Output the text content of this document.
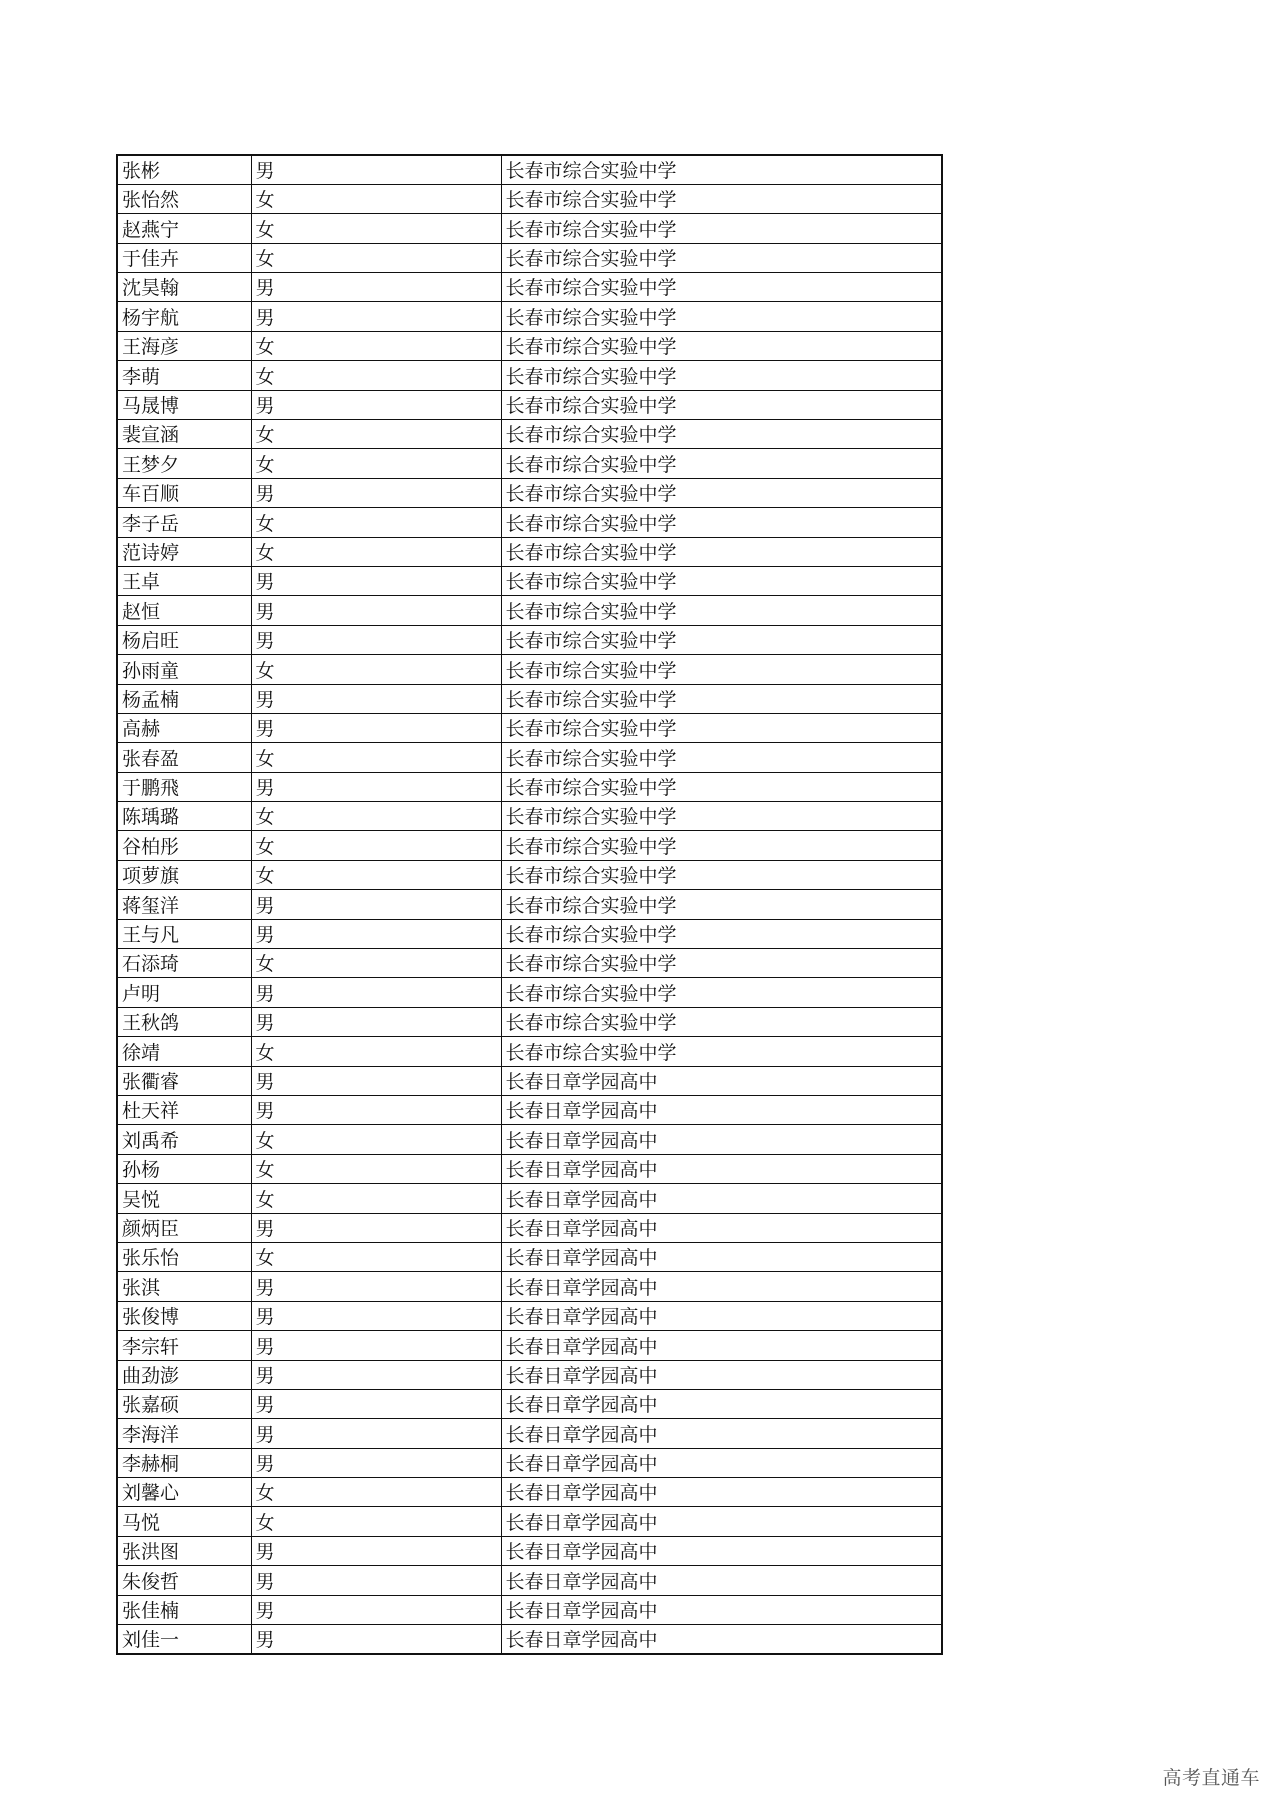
张彬	男	长春市综合实验中学
张怡然	女	长春市综合实验中学
赵燕宁	女	长春市综合实验中学
于佳卉	女	长春市综合实验中学
沈昊翰	男	长春市综合实验中学
杨宇航	男	长春市综合实验中学
王海彦	女	长春市综合实验中学
李萌	女	长春市综合实验中学
马晟博	男	长春市综合实验中学
裴宣涵	女	长春市综合实验中学
王梦夕	女	长春市综合实验中学
车百顺	男	长春市综合实验中学
李子岳	女	长春市综合实验中学
范诗婷	女	长春市综合实验中学
王卓	男	长春市综合实验中学
赵恒	男	长春市综合实验中学
杨启旺	男	长春市综合实验中学
孙雨童	女	长春市综合实验中学
杨孟楠	男	长春市综合实验中学
高赫	男	长春市综合实验中学
张春盈	女	长春市综合实验中学
于鹏飛	男	长春市综合实验中学
陈瑀璐	女	长春市综合实验中学
谷柏彤	女	长春市综合实验中学
项萝旗	女	长春市综合实验中学
蒋玺洋	男	长春市综合实验中学
王与凡	男	长春市综合实验中学
石添琦	女	长春市综合实验中学
卢明	男	长春市综合实验中学
王秋鸽	男	长春市综合实验中学
徐靖	女	长春市综合实验中学
张衢睿	男	长春日章学园高中
杜天祥	男	长春日章学园高中
刘禹希	女	长春日章学园高中
孙杨	女	长春日章学园高中
吴悦	女	长春日章学园高中
颜炳臣	男	长春日章学园高中
张乐怡	女	长春日章学园高中
张淇	男	长春日章学园高中
张俊博	男	长春日章学园高中
李宗轩	男	长春日章学园高中
曲劲澎	男	长春日章学园高中
张嘉硕	男	长春日章学园高中
李海洋	男	长春日章学园高中
李赫桐	男	长春日章学园高中
刘馨心	女	长春日章学园高中
马悦	女	长春日章学园高中
张洪图	男	长春日章学园高中
朱俊哲	男	长春日章学园高中
张佳楠	男	长春日章学园高中
刘佳一	男	长春日章学园高中
高考直通车
